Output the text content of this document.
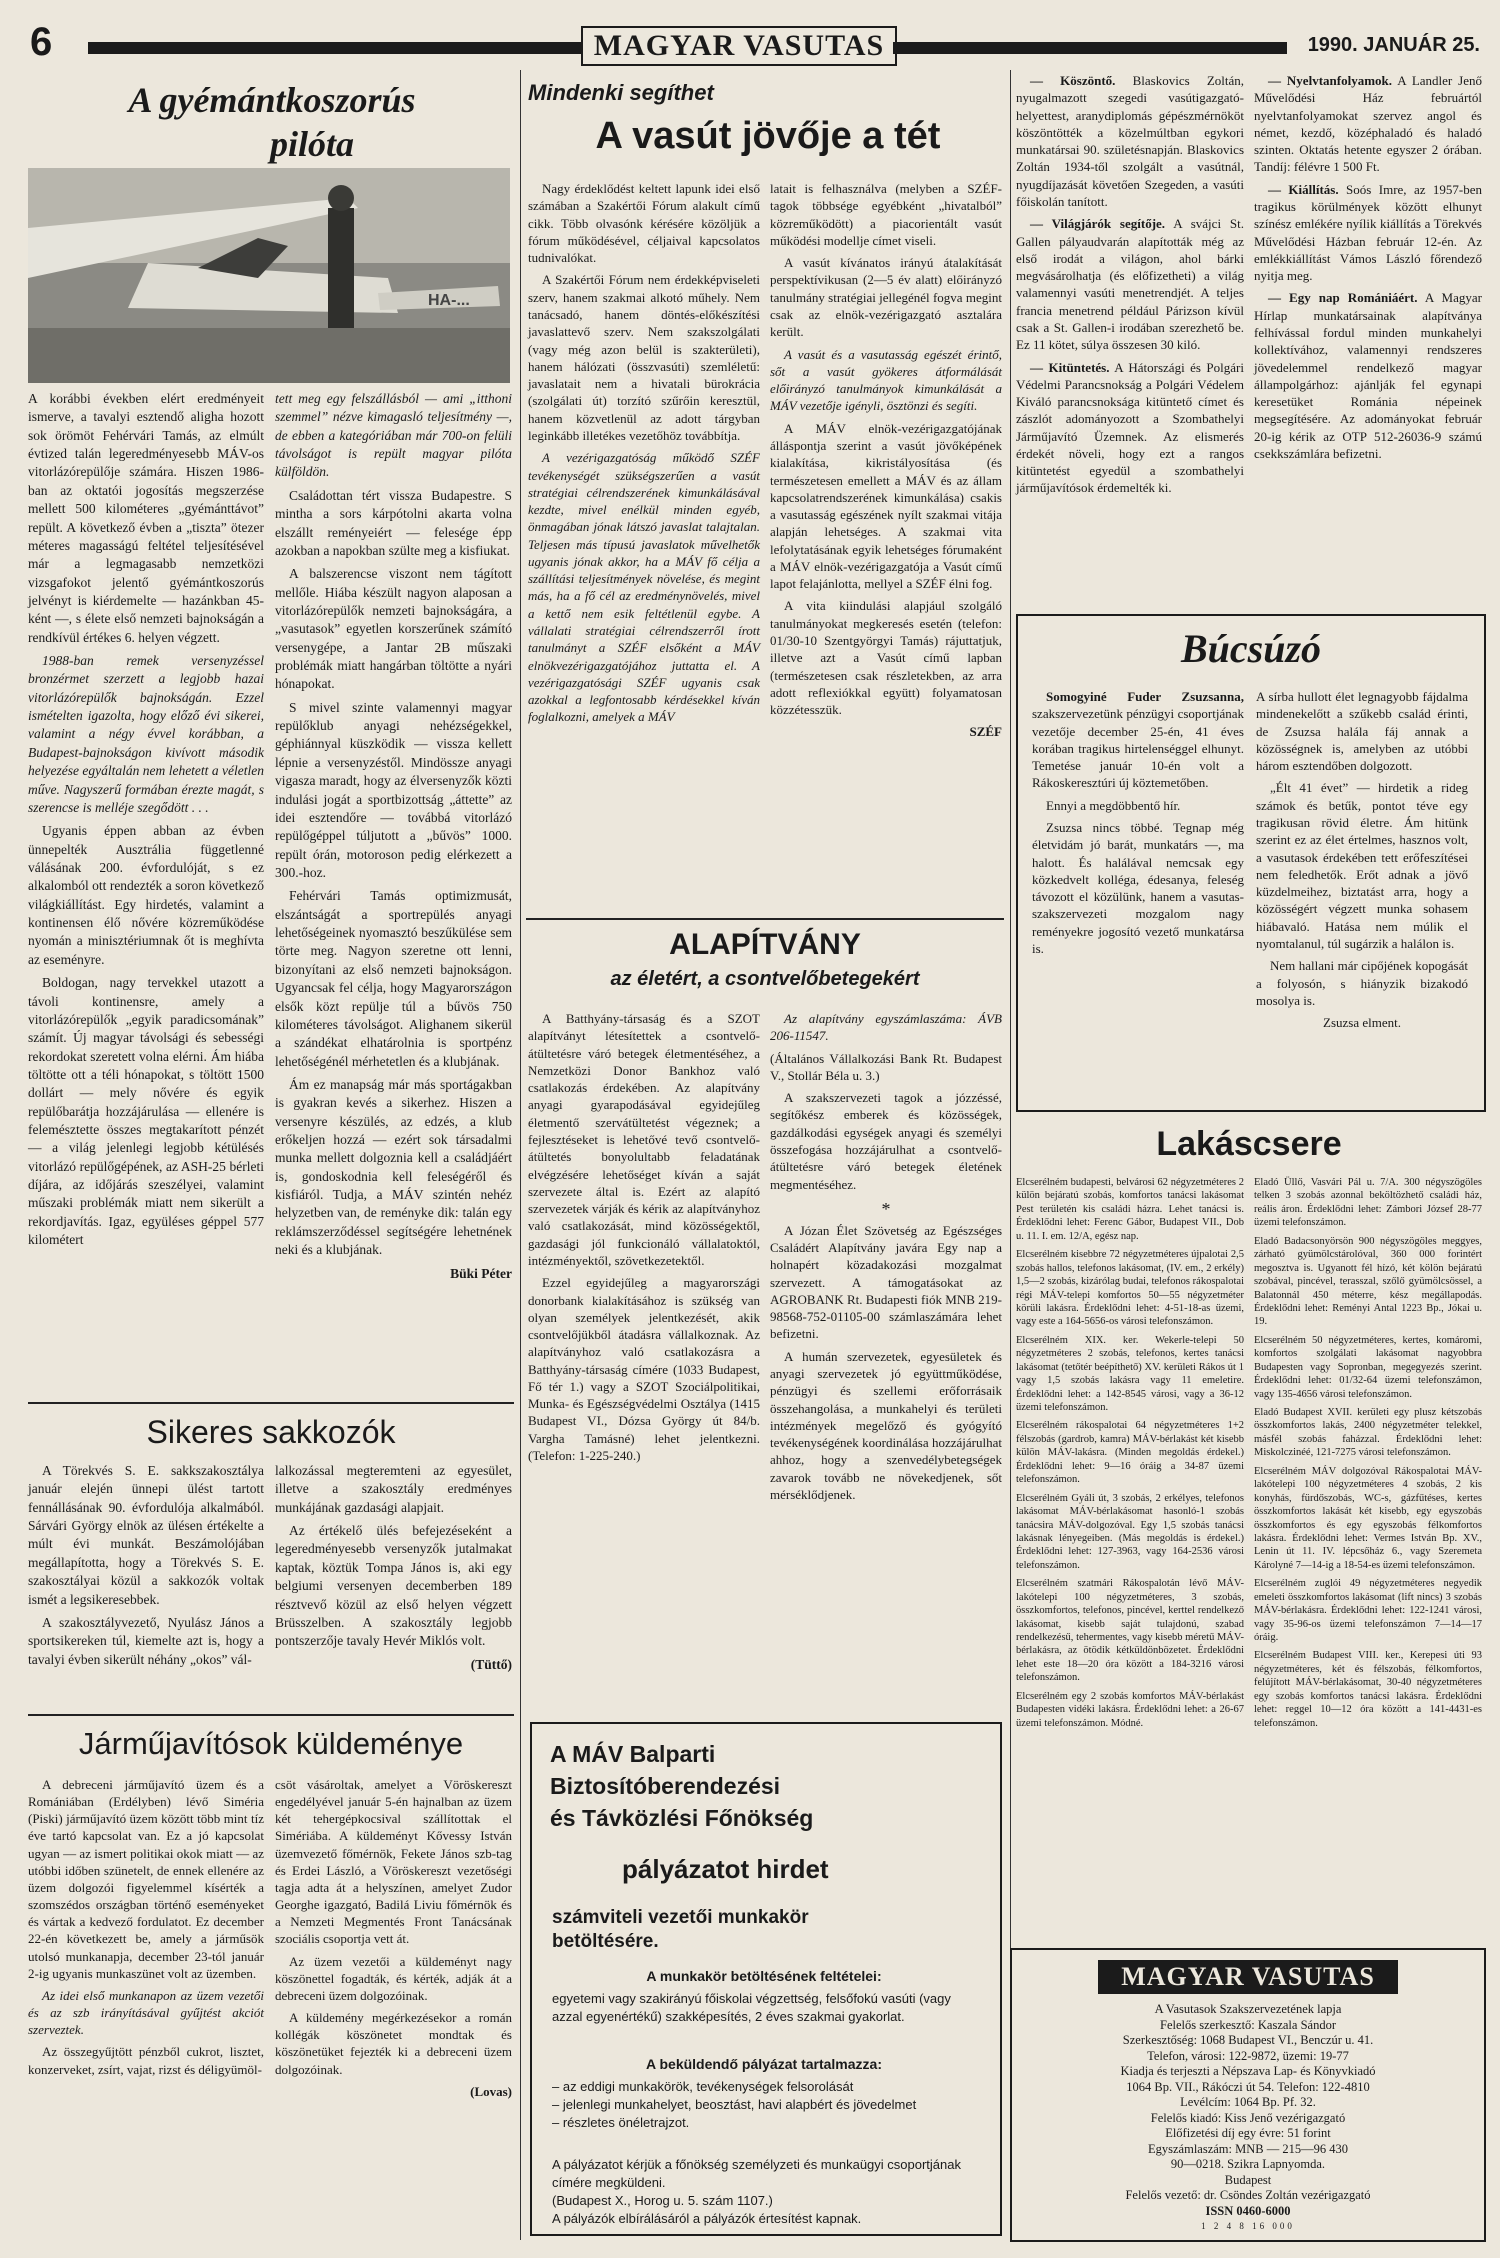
6	MAGYAR VASUTAS	1990. JANUÁR 25.
A gyémántkoszorús
pilóta
HA-...

A korábbi években elért eredményeit ismerve, a tavalyi esztendő aligha hozott sok örömöt Fehérvári Tamás, az elmúlt évtized talán legeredményesebb MÁV-os vitorlázórepülője számára. Hiszen 1986-ban az oktatói jogosítás megszerzése mellett 500 kilométeres „gyémánttávot” repült. A következő évben a „tiszta” ötezer méteres magasságú feltétel teljesítésével már a legmagasabb nemzetközi vizsgafokot jelentő gyémántkoszorús jelvényt is kiérdemelte — hazánkban 45-ként —, s élete első nemzeti bajnokságán a rendkívül értékes 6. helyen végzett.

1988-ban remek versenyzéssel bronzérmet szerzett a legjobb hazai vitorlázórepülők bajnokságán. Ezzel ismételten igazolta, hogy előző évi sikerei, valamint a négy évvel korábban, a Budapest-bajnokságon kivívott második helyezése egyáltalán nem lehetett a véletlen műve. Nagyszerű formában érezte magát, s szerencse is melléje szegődött . . .

Ugyanis éppen abban az évben ünnepelték Ausztrália függetlenné válásának 200. évfordulóját, s ez alkalomból ott rendezték a soron következő világkiállítást. Egy hirdetés, valamint a kontinensen élő nővére közreműködése nyomán a minisztériumnak őt is meghívta az eseményre.

Boldogan, nagy tervekkel utazott a távoli kontinensre, amely a vitorlázórepülők „egyik paradicsomának” számít. Új magyar távolsági és sebességi rekordokat szeretett volna elérni. Ám hiába töltötte ott a téli hónapokat, s töltött 1500 dollárt — mely nővére és egyik repülőbarátja hozzájárulása — ellenére is felemésztette összes megtakarított pénzét — a világ jelenlegi legjobb kétülésés vitorlázó repülőgépének, az ASH-25 bérleti díjára, az időjárás szeszélyei, valamint műszaki problémák miatt nem sikerült a rekordjavítás. Igaz, együléses géppel 577 kilométert

tett meg egy felszállásból — ami „itthoni szemmel” nézve kimagasló teljesítmény —, de ebben a kategóriában már 700-on felüli távolságot is repült magyar pilóta külföldön.

Családottan tért vissza Budapestre. S mintha a sors kárpótolni akarta volna elszállt reményeiért — felesége épp azokban a napokban szülte meg a kisfiukat.

A balszerencse viszont nem tágított mellőle. Hiába készült nagyon alaposan a vitorlázórepülők nemzeti bajnokságára, a „vasutasok” egyetlen korszerűnek számító versenygépe, a Jantar 2B műszaki problémák miatt hangárban töltötte a nyári hónapokat.

S mivel szinte valamennyi magyar repülőklub anyagi nehézségekkel, géphiánnyal küszködik — vissza kellett lépnie a versenyzéstől. Mindössze anyagi vigasza maradt, hogy az élversenyzők közti indulási jogát a sportbizottság „áttette” az idei esztendőre — továbbá vitorlázó repülőgéppel túljutott a „bűvös” 1000. repült órán, motoroson pedig elérkezett a 300.-hoz.

Fehérvári Tamás optimizmusát, elszántságát a sportrepülés anyagi lehetőségeinek nyomasztó beszűkülése sem törte meg. Nagyon szeretne ott lenni, bizonyítani az első nemzeti bajnokságon. Ugyancsak fel célja, hogy Magyarországon elsők közt repülje túl a bűvös 750 kilométeres távolságot. Alighanem sikerül a szándékat elhatárolnia is sportpénz lehetőségénél mérhetetlen és a klubjának.

Ám ez manapság már más sportágakban is gyakran kevés a sikerhez. Hiszen a versenyre készülés, az edzés, a klub erőkeljen hozzá — ezért sok társadalmi munka mellett dolgoznia kell a családjáért is, gondoskodnia kell feleségéről és kisfiáról. Tudja, a MÁV szintén nehéz helyzetben van, de reményke dik: talán egy reklámszerződéssel segítségére lehetnének neki és a klubjának.

Büki Péter
Sikeres sakkozók

A Törekvés S. E. sakkszakosztálya január elején ünnepi ülést tartott fennállásának 90. évfordulója alkalmából. Sárvári György elnök az ülésen értékelte a múlt évi munkát. Beszámolójában megállapította, hogy a Törekvés S. E. szakosztályai közül a sakkozók voltak ismét a legsikeresebbek.

A szakosztályvezető, Nyulász János a sportsikereken túl, kiemelte azt is, hogy a tavalyi évben sikerült néhány „okos” vál-

lalkozással megteremteni az egyesület, illetve a szakosztály eredményes munkájának gazdasági alapjait.

Az értékelő ülés befejezéseként a legeredményesebb versenyzők jutalmakat kaptak, köztük Tompa János is, aki egy belgiumi versenyen decemberben 189 résztvevő közül az első helyen végzett Brüsszelben. A szakosztály legjobb pontszerzője tavaly Hevér Miklós volt.

(Tüttő)
Járműjavítósok küldeménye

A debreceni járműjavító üzem és a Romániában (Erdélyben) lévő Siméria (Piski) járműjavító üzem között több mint tíz éve tartó kapcsolat van. Ez a jó kapcsolat ugyan — az ismert politikai okok miatt — az utóbbi időben szünetelt, de ennek ellenére az üzem dolgozói figyelemmel kísérték a szomszédos országban történő eseményeket és vártak a kedvező fordulatot. Ez december 22-én következett be, amely a járműsök utolsó munkanapja, december 23-tól január 2-ig ugyanis munkaszünet volt az üzemben.

Az idei első munkanapon az üzem vezetői és az szb irányításával gyűjtést akciót szerveztek.

Az összegyűjtött pénzből cukrot, lisztet, konzerveket, zsírt, vajat, rizst és déligyümöl-

csöt vásároltak, amelyet a Vöröskereszt engedélyével január 5-én hajnalban az üzem két tehergépkocsival szállítottak el Simériába. A küldeményt Kővessy István üzemvezető főmérnök, Fekete János szb-tag és Erdei László, a Vöröskereszt vezetőségi tagja adta át a helyszínen, amelyet Zudor Georghe igazgató, Badilá Liviu főmérnök és a Nemzeti Megmentés Front Tanácsának szociális csoportja vett át.

Az üzem vezetői a küldeményt nagy köszönettel fogadták, és kérték, adják át a debreceni üzem dolgozóinak.

A küldemény megérkezésekor a román kollégák köszönetet mondtak és köszönetüket fejezték ki a debreceni üzem dolgozóinak.

(Lovas)
Mindenki segíthet
A vasút jövője a tét

Nagy érdeklődést keltett lapunk idei első számában a Szakértői Fórum alakult című cikk. Több olvasónk kérésére közöljük a fórum működésével, céljaival kapcsolatos tudnivalókat.

A Szakértői Fórum nem érdekképviseleti szerv, hanem szakmai alkotó műhely. Nem tanácsadó, hanem döntés-előkészítési javaslattevő szerv. Nem szakszolgálati (vagy még azon belül is szakterületi), hanem hálózati (összvasúti) szemléletű: javaslatait nem a hivatali bürokrácia (szolgálati út) torzító szűrőin keresztül, hanem közvetlenül az adott tárgyban leginkább illetékes vezetőhöz továbbítja.

A vezérigazgatóság működő SZÉF tevékenységét szükségszerűen a vasút stratégiai célrendszerének kimunkálásával kezdte, mivel enélkül minden egyéb, önmagában jónak látszó javaslat talajtalan. Teljesen más típusú javaslatok művelhetők ugyanis jónak akkor, ha a MÁV fő célja a szállítási teljesítmények növelése, és megint más, ha a fő cél az eredménynövelés, mivel a kettő nem esik feltétlenül egybe. A vállalati stratégiai célrendszerről írott tanulmányt a SZÉF elsőként a MÁV elnökvezérigazgatójához juttatta el. A vezérigazgatósági SZÉF ugyanis csak azokkal a legfontosabb kérdésekkel kíván foglalkozni, amelyek a MÁV

latait is felhasználva (melyben a SZÉF-tagok többsége egyébként „hivatalból” közreműködött) a piacorientált vasút működési modellje címet viseli.

A vasút kívánatos irányú átalakítását perspektívikusan (2—5 év alatt) előirányzó tanulmány stratégiai jellegénél fogva megint csak az elnök-vezérigazgató asztalára került.

A vasút és a vasutasság egészét érintő, sőt a vasút gyökeres átformálását előirányzó tanulmányok kimunkálását a MÁV vezetője igényli, ösztönzi és segíti.

A MÁV elnök-vezérigazgatójának álláspontja szerint a vasút jövőképének kialakítása, kikristályosítása (és természetesen emellett a MÁV és az állam kapcsolatrendszerének kimunkálása) csakis a vasutasság egészének nyílt szakmai vitája alapján lehetséges. A szakmai vita lefolytatásának egyik lehetséges fórumaként a MÁV elnök-vezérigazgatója a Vasút című lapot felajánlotta, mellyel a SZÉF élni fog.

A vita kiindulási alapjául szolgáló tanulmányokat megkeresés esetén (telefon: 01/30-10 Szentgyörgyi Tamás) rájuttatjuk, illetve azt a Vasút című lapban (természetesen csak részletekben, az arra adott reflexiókkal együtt) folyamatosan közzétesszük.

SZÉF
ALAPÍTVÁNY
az életért, a csontvelőbetegekért

A Batthyány-társaság és a SZOT alapítványt létesítettek a csontvelő-átültetésre váró betegek életmentéséhez, a Nemzetközi Donor Bankhoz való csatlakozás érdekében. Az alapítvány anyagi gyarapodásával egyidejűleg életmentő szervátültetést végeznek; a fejlesztéseket is lehetővé tevő csontvelő-átültetés bonyolultabb feladatának elvégzésére lehetőséget kíván a saját szervezete által is. Ezért az alapító szervezetek várják és kérik az alapítványhoz való csatlakozását, mind közösségektől, gazdasági jól funkcionáló vállalatoktól, intézményektől, szövetkezetektől.

Ezzel egyidejűleg a magyarországi donorbank kialakításához is szükség van olyan személyek jelentkezését, akik csontvelőjükből átadásra vállalkoznak. Az alapítványhoz való csatlakozásra a Batthyány-társaság címére (1033 Budapest, Fő tér 1.) vagy a SZOT Szociálpolitikai, Munka- és Egészségvédelmi Osztálya (1415 Budapest VI., Dózsa György út 84/b. Vargha Tamásné) lehet jelentkezni. (Telefon: 1-225-240.)

Az alapítvány egyszámlaszáma: ÁVB 206-11547.

(Általános Vállalkozási Bank Rt. Budapest V., Stollár Béla u. 3.)

A szakszervezeti tagok a józzéssé, segítőkész emberek és közösségek, gazdálkodási egységek anyagi és személyi összefogása hozzájárulhat a csontvelő-átültetésre váró betegek életének megmentéséhez.

*

A Józan Élet Szövetség az Egészséges Családért Alapítvány javára Egy nap a holnapért közadakozási mozgalmat szervezett. A támogatásokat az AGROBANK Rt. Budapesti fiók MNB 219-98568-752-01105-00 számlaszámára lehet befizetni.

A humán szervezetek, egyesületek és anyagi szervezetek jó együttműködése, pénzügyi és szellemi erőforrásaik összehangolása, a munkahelyi és területi intézmények megelőző és gyógyító tevékenységének koordinálása hozzájárulhat ahhoz, hogy a szenvedélybetegségek zavarok tovább ne növekedjenek, sőt mérséklődjenek.

A MÁV Balparti
Biztosítóberendezési
és Távközlési Főnökség
pályázatot hirdet
számviteli vezetői munkakör
betöltésére.
A munkakör betöltésének feltételei:
egyetemi vagy szakirányú főiskolai végzettség, felsőfokú vasúti (vagy azzal egyenértékű) szakképesítés, 2 éves szakmai gyakorlat.
A beküldendő pályázat tartalmazza:
– az eddigi munkakörök, tevékenységek felsorolását
– jelenlegi munkahelyet, beosztást, havi alapbért és jövedelmet
– részletes önéletrajzot.
A pályázatot kérjük a főnökség személyzeti és munkaügyi csoportjának címére megküldeni.
(Budapest X., Horog u. 5. szám 1107.)
A pályázók elbírálásáról a pályázók értesítést kapnak.

— Köszöntő. Blaskovics Zoltán, nyugalmazott szegedi vasútigazgató-helyettest, aranydiplomás gépészmérnököt köszöntötték a közelmúltban egykori munkatársai 90. születésnapján. Blaskovics Zoltán 1934-től szolgált a vasútnál, nyugdíjazását követően Szegeden, a vasúti főiskolán tanított.

— Világjárók segítője. A svájci St. Gallen pályaudvarán alapították még az első irodát a világon, ahol bárki megvásárolhatja (és előfizetheti) a világ valamennyi vasúti menetrendjét. A teljes francia menetrend például Párizson kívül csak a St. Gallen-i irodában szerezhető be. Ez 11 kötet, súlya összesen 30 kiló.

— Kitüntetés. A Hátországi és Polgári Védelmi Parancsnokság a Polgári Védelem Kiváló parancsnoksága kitüntető címet és zászlót adományozott a Szombathelyi Járműjavító Üzemnek. Az elismerés érdekét növeli, hogy ezt a rangos kitüntetést egyedül a szombathelyi járműjavítósok érdemelték ki.

— Nyelvtanfolyamok. A Landler Jenő Művelődési Ház februártól nyelvtanfolyamokat szervez angol és német, kezdő, középhaladó és haladó szinten. Oktatás hetente egyszer 2 órában. Tandíj: félévre 1 500 Ft.

— Kiállítás. Soós Imre, az 1957-ben tragikus körülmények között elhunyt színész emlékére nyílik kiállítás a Törekvés Művelődési Házban február 12-én. Az emlékkiállítást Vámos László főrendező nyitja meg.

— Egy nap Romániáért. A Magyar Hírlap munkatársainak alapítványa felhívással fordul minden munkahelyi kollektívához, valamennyi rendszeres jövedelemmel rendelkező magyar állampolgárhoz: ajánlják fel egynapi keresetüket Románia népeinek megsegítésére. Az adományokat február 20-ig kérik az OTP 512-26036-9 számú csekkszámlára befizetni.

Búcsúzó

Somogyiné Fuder Zsuzsanna, szakszervezetünk pénzügyi csoportjának vezetője december 25-én, 41 éves korában tragikus hirtelenséggel elhunyt. Temetése január 10-én volt a Rákoskeresztúri új köztemetőben.

Ennyi a megdöbbentő hír.

Zsuzsa nincs többé. Tegnap még életvidám jó barát, munkatárs —, ma halott. És halálával nemcsak egy közkedvelt kolléga, édesanya, feleség távozott el közülünk, hanem a vasutas-szakszervezeti mozgalom nagy reményekre jogosító vezető munkatársa is.

A sírba hullott élet legnagyobb fájdalma mindenekelőtt a szűkebb család érinti, de Zsuzsa halála fáj annak a közösségnek is, amelyben az utóbbi három esztendőben dolgozott.

„Élt 41 évet” — hirdetik a rideg számok és betűk, pontot téve egy tragikusan rövid életre. Ám hitünk szerint ez az élet értelmes, hasznos volt, a vasutasok érdekében tett erőfeszítései nem feledhetők. Erőt adnak a jövő küzdelmeihez, biztatást arra, hogy a közösségért végzett munka sohasem hiábavaló. Hatása nem múlik el nyomtalanul, túl sugárzik a halálon is.

Nem hallani már cipőjének kopogását a folyosón, s hiányzik bizakodó mosolya is.

Zsuzsa elment.
Lakáscsere

Elcserélném budapesti, belvárosi 62 négyzetméteres 2 külön bejáratú szobás, komfortos tanácsi lakásomat Pest területén kis családi házra. Lehet tanácsi is. Érdeklődni lehet: Ferenc Gábor, Budapest VII., Dob u. 11. I. em. 12/A, egész nap.

Elcserélném kisebbre 72 négyzetméteres újpalotai 2,5 szobás hallos, telefonos lakásomat, (IV. em., 2 erkély) 1,5—2 szobás, kizárólag budai, telefonos rákospalotai régi MÁV-telepi komfortos 50—55 négyzetméter körüli lakásra. Érdeklődni lehet: 4-51-18-as üzemi, vagy este a 164-5656-os városi telefonszámon.

Elcserélném XIX. ker. Wekerle-telepi 50 négyzetméteres 2 szobás, telefonos, kertes tanácsi lakásomat (tetőtér beépíthető) XV. kerületi Rákos út 1 vagy 1,5 szobás lakásra vagy 11 emeletire. Érdeklődni lehet: a 142-8545 városi, vagy a 36-12 üzemi telefonszámon.

Elcserélném rákospalotai 64 négyzetméteres 1+2 félszobás (gardrob, kamra) MÁV-bérlakást két kisebb külön MÁV-lakásra. (Minden megoldás érdekel.) Érdeklődni lehet: 9—16 óráig a 34-87 üzemi telefonszámon.

Elcserélném Gyáli út, 3 szobás, 2 erkélyes, telefonos lakásomat MÁV-bérlakásomat hasonló-1 szobás tanácsira MÁV-dolgozóval. Egy 1,5 szobás tanácsi lakásnak lényegeiben. (Más megoldás is érdekel.) Érdeklődni lehet: 127-3963, vagy 164-2536 városi telefonszámon.

Elcserélném szatmári Rákospalotán lévő MÁV-lakótelepi 100 négyzetméteres, 3 szobás, összkomfortos, telefonos, pincével, kerttel rendelkező lakásomat, kisebb saját tulajdonú, szabad rendelkezésű, tehermentes, vagy kisebb méretű MÁV-bérlakásra, az ötödik kétküldönbözetet. Érdeklődni lehet este 18—20 óra között a 184-3216 városi telefonszámon.

Elcserélném egy 2 szobás komfortos MÁV-bérlakást Budapesten vidéki lakásra. Érdeklődni lehet: a 26-67 üzemi telefonszámon. Módné.

Eladó Üllő, Vasvári Pál u. 7/A. 300 négyszögöles telken 3 szobás azonnal beköltözhető családi ház, reális áron. Érdeklődni lehet: Zámbori József 28-77 üzemi telefonszámon.

Eladó Badacsonyörsön 900 négyszögöles meggyes, zárható gyümölcstárolóval, 360 000 forintért megosztva is. Ugyanott fél hízó, két kölön bejáratú szobával, pincével, terasszal, szőlő gyümölcsössel, a Balatonnál 450 méterre, kész megállapodás. Érdeklődni lehet: Reményi Antal 1223 Bp., Jókai u. 19.

Elcserélném 50 négyzetméteres, kertes, komáromi, komfortos szolgálati lakásomat nagyobbra Budapesten vagy Sopronban, megegyezés szerint. Érdeklődni lehet: 01/32-64 üzemi telefonszámon, vagy 135-4656 városi telefonszámon.

Eladó Budapest XVII. kerületi egy plusz kétszobás összkomfortos lakás, 2400 négyzetméter telekkel, másfél szobás faházzal. Érdeklődni lehet: Miskolczinéé, 121-7275 városi telefonszámon.

Elcserélném MÁV dolgozóval Rákospalotai MÁV-lakótelepi 100 négyzetméteres 4 szobás, 2 kis konyhás, fürdőszobás, WC-s, gázfűtéses, kertes összkomfortos lakását két kisebb, egy egyszobás összkomfortos és egy egyszobás félkomfortos lakásra. Érdeklődni lehet: Vermes István Bp. XV., Lenin út 11. IV. lépcsőház 6., vagy Szeremeta Károlyné 7—14-ig a 18-54-es üzemi telefonszámon.

Elcserélném zuglói 49 négyzetméteres negyedik emeleti összkomfortos lakásomat (lift nincs) 3 szobás MÁV-bérlakásra. Érdeklődni lehet: 122-1241 városi, vagy 35-96-os üzemi telefonszámon 7—14—17 óráig.

Elcserélném Budapest VIII. ker., Kerepesi úti 93 négyzetméteres, két és félszobás, félkomfortos, felújított MÁV-bérlakásomat, 30-40 négyzetméteres egy szobás komfortos tanácsi lakásra. Érdeklődni lehet: reggel 10—12 óra között a 141-4431-es telefonszámon.

MAGYAR VASUTAS
A Vasutasok Szakszervezetének lapja
Felelős szerkesztő: Kaszala Sándor
Szerkesztőség: 1068 Budapest VI., Benczúr u. 41.
Telefon, városi: 122-9872, üzemi: 19-77
Kiadja és terjeszti a Népszava Lap- és Könyvkiadó
1064 Bp. VII., Rákóczi út 54. Telefon: 122-4810
Levélcím: 1064 Bp. Pf. 32.
Felelős kiadó: Kiss Jenő vezérigazgató
Előfizetési díj egy évre: 51 forint
Egyszámlaszám: MNB — 215—96 430
90—0218. Szikra Lapnyomda.
Budapest
Felelős vezető: dr. Csöndes Zoltán vezérigazgató
ISSN 0460-6000
1 2 4 8 16 000
